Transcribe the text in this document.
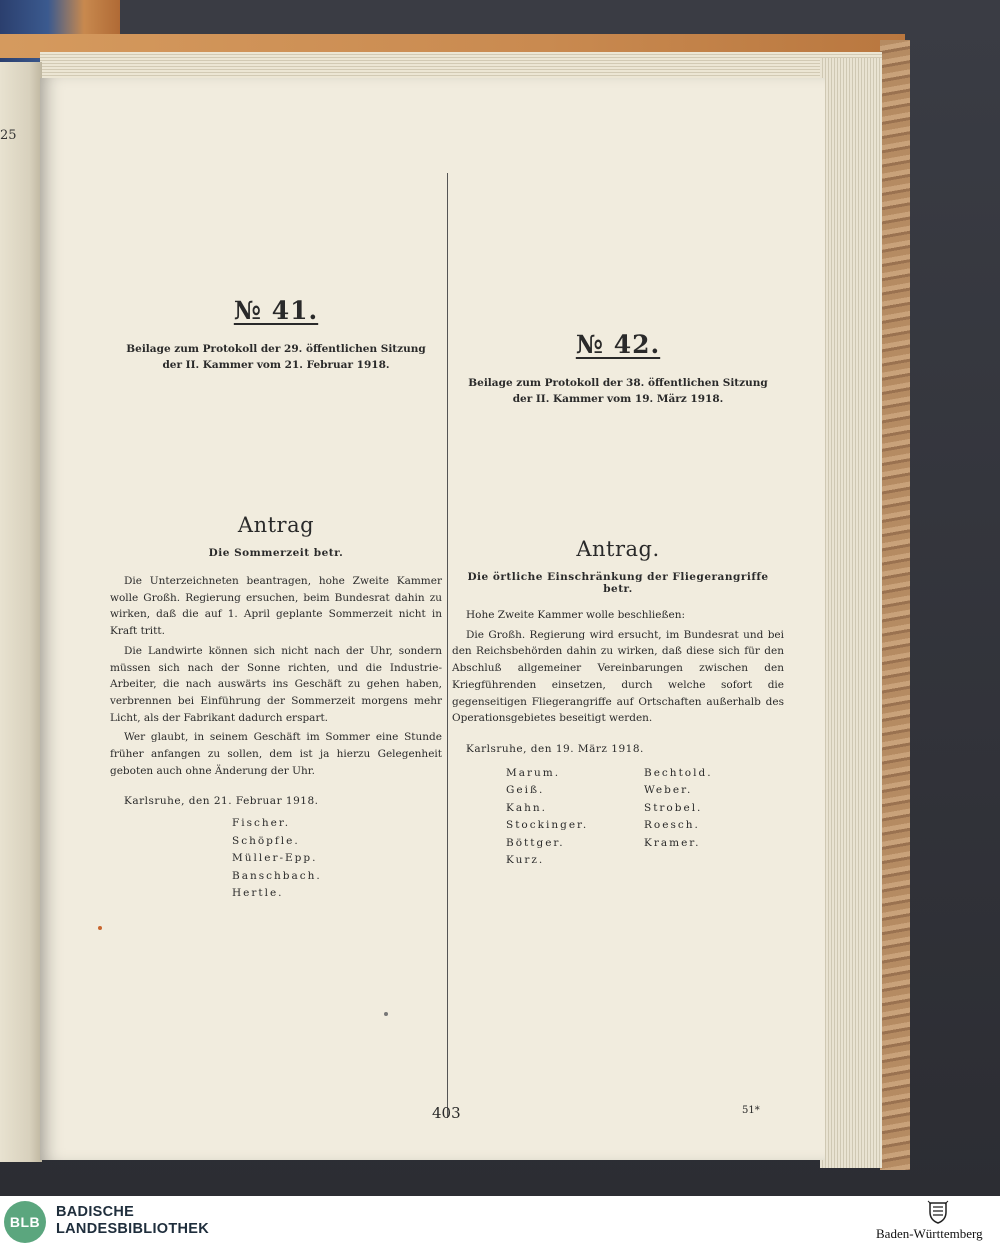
25
№ 41.
Beilage zum Protokoll der 29. öffentlichen Sitzung
der II. Kammer vom 21. Februar 1918.
Antrag
Die Sommerzeit betr.

Die Unterzeichneten beantragen, hohe Zweite Kammer wolle Großh. Regierung ersuchen, beim Bundesrat dahin zu wirken, daß die auf 1. April geplante Sommerzeit nicht in Kraft tritt.

Die Landwirte können sich nicht nach der Uhr, sondern müssen sich nach der Sonne richten, und die Industrie-Arbeiter, die nach auswärts ins Geschäft zu gehen haben, verbrennen bei Einführung der Sommerzeit morgens mehr Licht, als der Fabrikant dadurch erspart.

Wer glaubt, in seinem Geschäft im Sommer eine Stunde früher anfangen zu sollen, dem ist ja hierzu Gelegenheit geboten auch ohne Änderung der Uhr.

Karlsruhe, den 21. Februar 1918.
Fischer.
Schöpfle.
Müller-Epp.
Banschbach.
Hertle.
№ 42.
Beilage zum Protokoll der 38. öffentlichen Sitzung
der II. Kammer vom 19. März 1918.
Antrag.
Die örtliche Einschränkung der Fliegerangriffe betr.

Hohe Zweite Kammer wolle beschließen:

Die Großh. Regierung wird ersucht, im Bundesrat und bei den Reichsbehörden dahin zu wirken, daß diese sich für den Abschluß allgemeiner Vereinbarungen zwischen den Kriegführenden einsetzen, durch welche sofort die gegenseitigen Fliegerangriffe auf Ortschaften außerhalb des Operationsgebietes beseitigt werden.

Karlsruhe, den 19. März 1918.
Marum.
Geiß.
Kahn.
Stockinger.
Böttger.
Kurz.
Bechtold.
Weber.
Strobel.
Roesch.
Kramer.
403	51*
BLB
BADISCHE
LANDESBIBLIOTHEK	Baden-Württemberg
